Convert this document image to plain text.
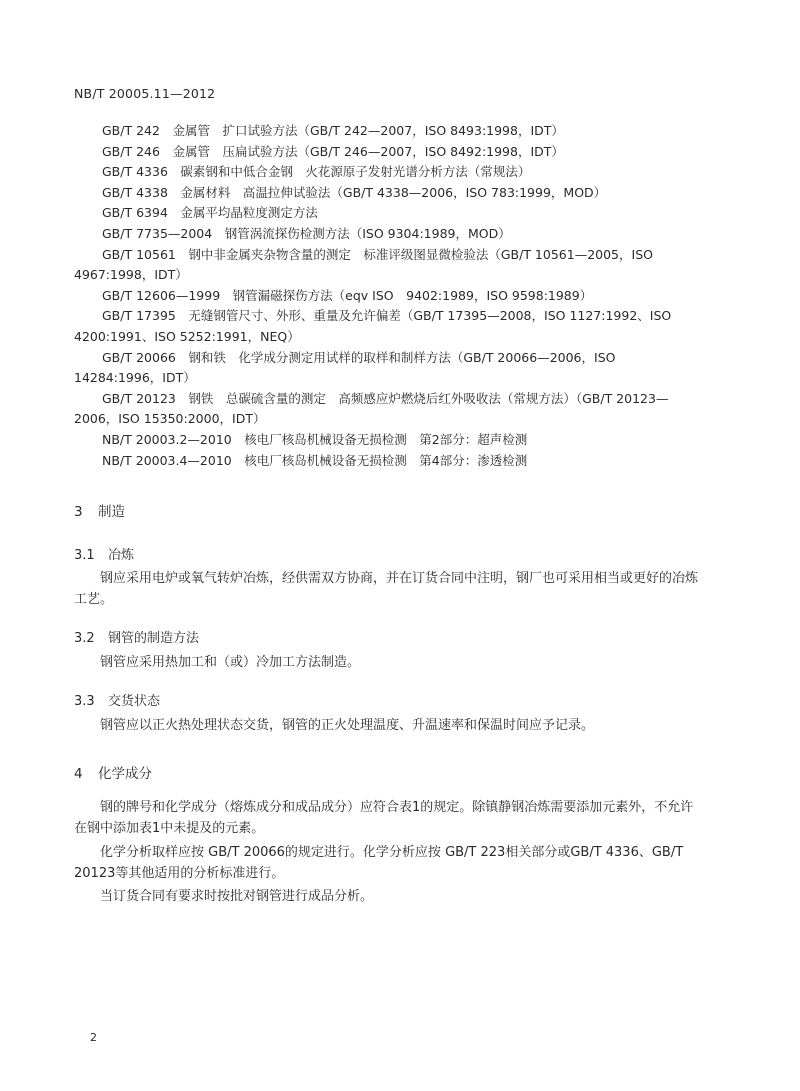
NB/T 20005.11—2012
GB/T 242　金属管　扩口试验方法（GB/T 242—2007，ISO 8493:1998，IDT）
GB/T 246　金属管　压扁试验方法（GB/T 246—2007，ISO 8492:1998，IDT）
GB/T 4336　碳素钢和中低合金钢　火花源原子发射光谱分析方法（常规法）
GB/T 4338　金属材料　高温拉伸试验法（GB/T 4338—2006，ISO 783:1999，MOD）
GB/T 6394　金属平均晶粒度测定方法
GB/T 7735—2004　钢管涡流探伤检测方法（ISO 9304:1989，MOD）
GB/T 10561　钢中非金属夹杂物含量的测定　标准评级图显微检验法（GB/T 10561—2005，ISO 4967:1998，IDT）
GB/T 12606—1999　钢管漏磁探伤方法（eqv ISO　9402:1989，ISO 9598:1989）
GB/T 17395　无缝钢管尺寸、外形、重量及允许偏差（GB/T 17395—2008，ISO 1127:1992、ISO 4200:1991、ISO 5252:1991，NEQ）
GB/T 20066　钢和铁　化学成分测定用试样的取样和制样方法（GB/T 20066—2006，ISO 14284:1996，IDT）
GB/T 20123　钢铁　总碳硫含量的测定　高频感应炉燃烧后红外吸收法（常规方法）（GB/T 20123—2006，ISO 15350:2000，IDT）
NB/T 20003.2—2010　核电厂核岛机械设备无损检测　第2部分：超声检测
NB/T 20003.4—2010　核电厂核岛机械设备无损检测　第4部分：渗透检测
3 制造
3.1 冶炼

钢应采用电炉或氧气转炉冶炼，经供需双方协商，并在订货合同中注明，钢厂也可采用相当或更好的冶炼工艺。

3.2 钢管的制造方法

钢管应采用热加工和（或）冷加工方法制造。

3.3 交货状态

钢管应以正火热处理状态交货，钢管的正火处理温度、升温速率和保温时间应予记录。

4 化学成分

钢的牌号和化学成分（熔炼成分和成品成分）应符合表1的规定。除镇静钢冶炼需要添加元素外，不允许在钢中添加表1中未提及的元素。

化学分析取样应按 GB/T 20066的规定进行。化学分析应按 GB/T 223相关部分或GB/T 4336、GB/T 20123等其他适用的分析标准进行。

当订货合同有要求时按批对钢管进行成品分析。

2
